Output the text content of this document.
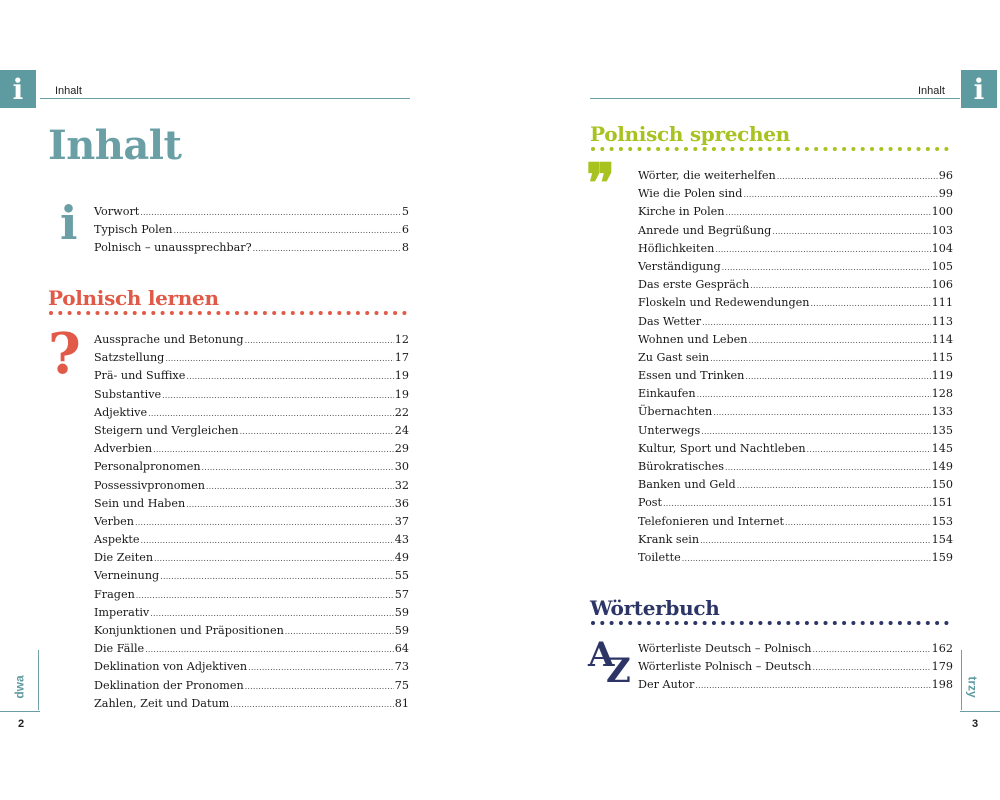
i	Inhalt
Inhalt
i Vorwort .....	5
Typisch Polen .....	6
Polnisch – unaussprechbar? .....	8
Polnisch lernen
? Aussprache und Betonung .....	12
Satzstellung .....	17
Prä- und Suffixe .....	19
Substantive .....	19
Adjektive .....	22
Steigern und Vergleichen .....	24
Adverbien .....	29
Personalpronomen .....	30
Possessivpronomen .....	32
Sein und Haben .....	36
Verben .....	37
Aspekte .....	43
Die Zeiten .....	49
Verneinung .....	55
Fragen .....	57
Imperativ .....	59
Konjunktionen und Präpositionen .....	59
Die Fälle .....	64
Deklination von Adjektiven .....	73
Deklination der Pronomen .....	75
Zahlen, Zeit und Datum .....	81
dwa
2
i
Inhalt
Polnisch sprechen
❞ Wörter, die weiterhelfen .....	96
Wie die Polen sind .....	99
Kirche in Polen .....	100
Anrede und Begrüßung .....	103
Höflichkeiten .....	104
Verständigung .....	105
Das erste Gespräch .....	106
Floskeln und Redewendungen .....	111
Das Wetter .....	113
Wohnen und Leben .....	114
Zu Gast sein .....	115
Essen und Trinken .....	119
Einkaufen .....	128
Übernachten .....	133
Unterwegs .....	135
Kultur, Sport und Nachtleben .....	145
Bürokratisches .....	149
Banken und Geld .....	150
Post .....	151
Telefonieren und Internet .....	153
Krank sein .....	154
Toilette .....	159
Wörterbuch
A
Z
Wörterliste Deutsch – Polnisch .....	162
Wörterliste Polnisch – Deutsch .....	179
Der Autor .....	198 trzy
3
